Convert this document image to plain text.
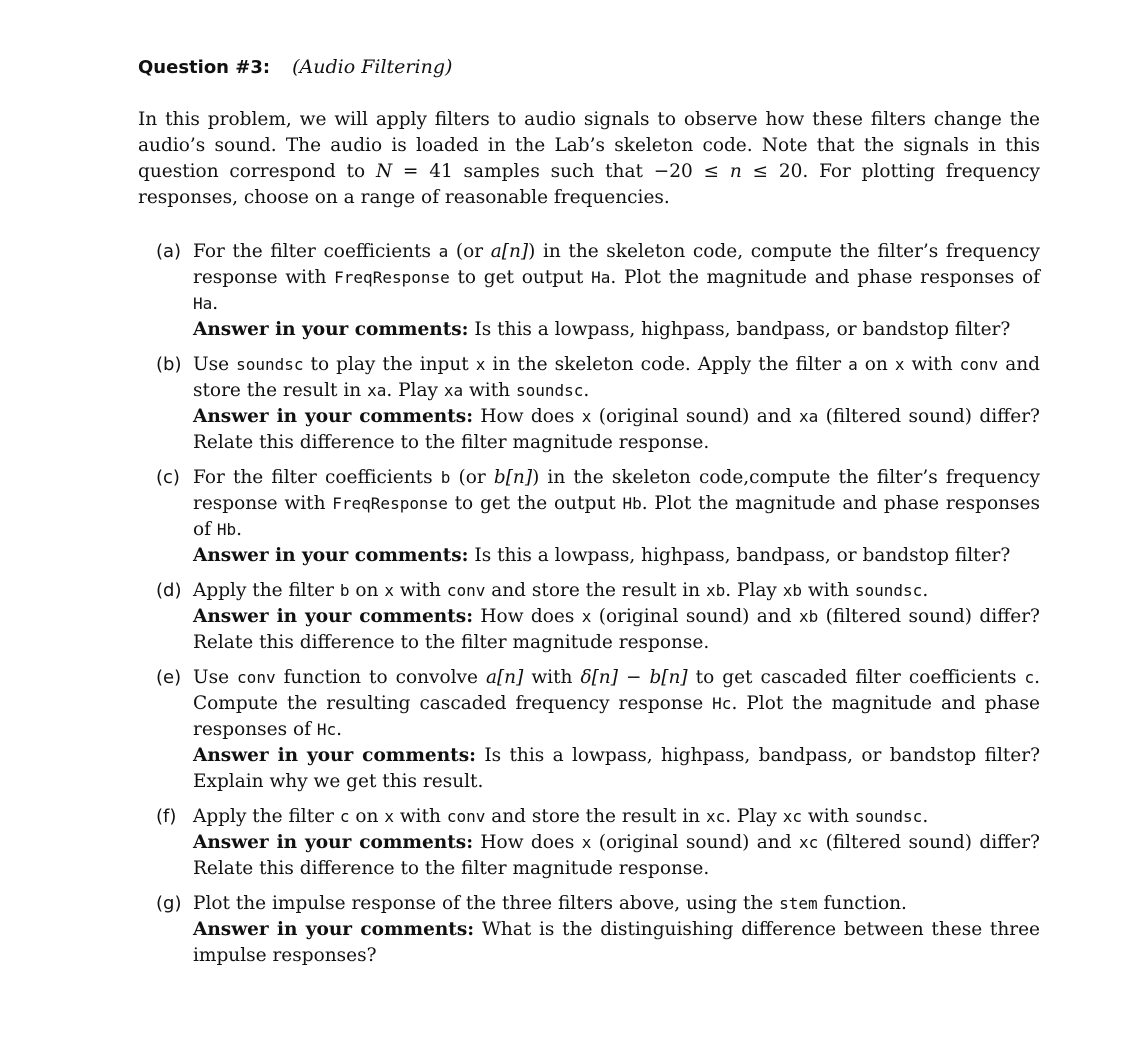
Question #3: (Audio Filtering)

In this problem, we will apply filters to audio signals to observe how these filters change the audio’s sound. The audio is loaded in the Lab’s skeleton code. Note that the signals in this question correspond to N = 41 samples such that −20 ≤ n ≤ 20. For plotting frequency responses, choose on a range of reasonable frequencies.

(a) For the filter coefficients a (or a[n]) in the skeleton code, compute the filter’s frequency response with FreqResponse to get output Ha. Plot the magnitude and phase responses of Ha.
Answer in your comments: Is this a lowpass, highpass, bandpass, or bandstop filter?
(b) Use soundsc to play the input x in the skeleton code. Apply the filter a on x with conv and store the result in xa. Play xa with soundsc.
Answer in your comments: How does x (original sound) and xa (filtered sound) differ? Relate this difference to the filter magnitude response.
(c) For the filter coefficients b (or b[n]) in the skeleton code,compute the filter’s frequency response with FreqResponse to get the output Hb. Plot the magnitude and phase responses of Hb.
Answer in your comments: Is this a lowpass, highpass, bandpass, or bandstop filter?
(d) Apply the filter b on x with conv and store the result in xb. Play xb with soundsc.
Answer in your comments: How does x (original sound) and xb (filtered sound) differ? Relate this difference to the filter magnitude response.
(e) Use conv function to convolve a[n] with δ[n] − b[n] to get cascaded filter coefficients c. Compute the resulting cascaded frequency response Hc. Plot the magnitude and phase responses of Hc.
Answer in your comments: Is this a lowpass, highpass, bandpass, or bandstop filter? Explain why we get this result.
(f) Apply the filter c on x with conv and store the result in xc. Play xc with soundsc.
Answer in your comments: How does x (original sound) and xc (filtered sound) differ? Relate this difference to the filter magnitude response.
(g) Plot the impulse response of the three filters above, using the stem function.
Answer in your comments: What is the distinguishing difference between these three impulse responses?
